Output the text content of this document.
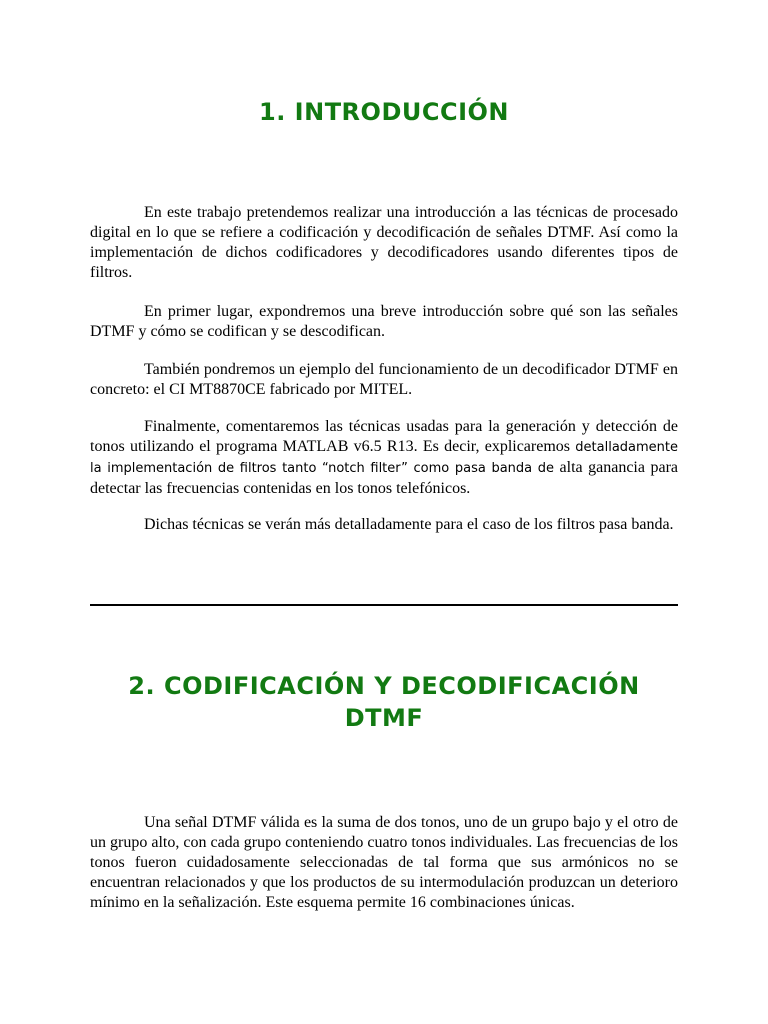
1. INTRODUCCIÓN

En este trabajo pretendemos realizar una introducción a las técnicas de procesado digital en lo que se refiere a codificación y decodificación de señales DTMF. Así como la implementación de dichos codificadores y decodificadores usando diferentes tipos de filtros.

En primer lugar, expondremos una breve introducción sobre qué son las señales DTMF y cómo se codifican y se descodifican.

También pondremos un ejemplo del funcionamiento de un decodificador DTMF en concreto: el CI MT8870CE fabricado por MITEL.

Finalmente, comentaremos las técnicas usadas para la generación y detección de tonos utilizando el programa MATLAB v6.5 R13. Es decir, explicaremos detalladamente la implementación de filtros tanto “notch filter” como pasa banda de alta ganancia para detectar las frecuencias contenidas en los tonos telefónicos.

Dichas técnicas se verán más detalladamente para el caso de los filtros pasa banda.

2. CODIFICACIÓN Y DECODIFICACIÓN
DTMF

Una señal DTMF válida es la suma de dos tonos, uno de un grupo bajo y el otro de un grupo alto, con cada grupo conteniendo cuatro tonos individuales. Las frecuencias de los tonos fueron cuidadosamente seleccionadas de tal forma que sus armónicos no se encuentran relacionados y que los productos de su intermodulación produzcan un deterioro mínimo en la señalización. Este esquema permite 16 combinaciones únicas.
